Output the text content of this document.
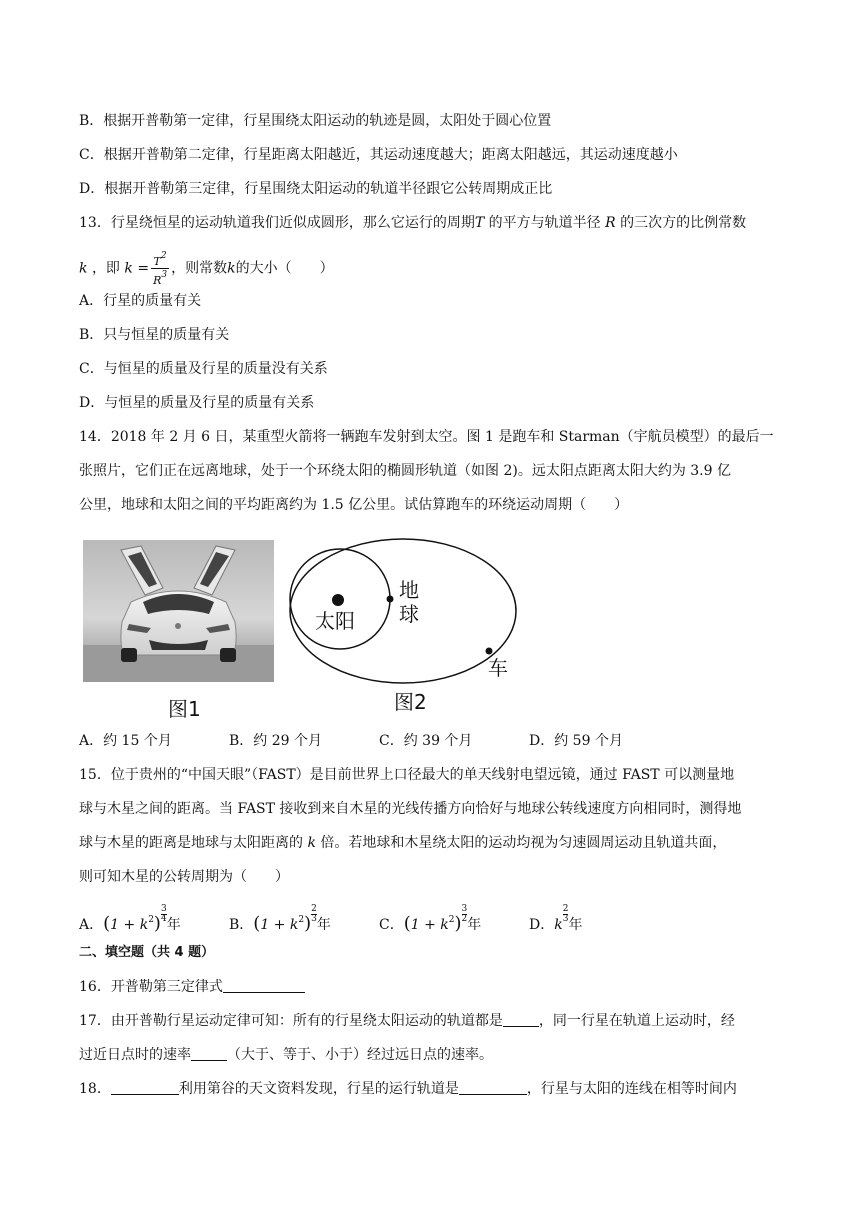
B．根据开普勒第一定律，行星围绕太阳运动的轨迹是圆，太阳处于圆心位置
C．根据开普勒第二定律，行星距离太阳越近，其运动速度越大；距离太阳越远，其运动速度越小
D．根据开普勒第三定律，行星围绕太阳运动的轨道半径跟它公转周期成正比
13．行星绕恒星的运动轨道我们近似成圆形，那么它运行的周期T 的平方与轨道半径 R 的三次方的比例常数
k ，即 $k = \frac{T^2}{R^3}$ ，则常数k的大小（　　）
A．行星的质量有关
B．只与恒星的质量有关
C．与恒星的质量及行星的质量没有关系
D．与恒星的质量及行星的质量有关系
14．2018 年 2 月 6 日，某重型火箭将一辆跑车发射到太空。图 1 是跑车和 Starman（宇航员模型）的最后一
张照片，它们正在远离地球，处于一个环绕太阳的椭圆形轨道（如图 2)。远太阳点距离太阳大约为 3.9 亿
公里，地球和太阳之间的平均距离约为 1.5 亿公里。试估算跑车的环绕运动周期（　　）
图1
太阳
地
球
车
图2
A．约 15 个月	B．约 29 个月	C．约 39 个月	D．约 59 个月
15．位于贵州的“中国天眼”（FAST）是目前世界上口径最大的单天线射电望远镜，通过 FAST 可以测量地
球与木星之间的距离。当 FAST 接收到来自木星的光线传播方向恰好与地球公转线速度方向相同时，测得地
球与木星的距离是地球与太阳距离的 k 倍。若地球和木星绕太阳的运动均视为匀速圆周运动且轨道共面，
则可知木星的公转周期为（　　）
A．$(1 + k^2) \frac{3}{4}$
年	B．$(1 + k^2) \frac{2}{3}$
年	C．$(1 + k^2) \frac{3}{2}$
年	D．k
$\frac{2}{3}$
年
二、填空题（共 4 题）
16．开普勒第三定律式
17．由开普勒行星运动定律可知：所有的行星绕太阳运动的轨道都是	，同一行星在轨道上运动时，经
过近日点时的速率	（大于、等于、小于）经过远日点的速率。
18．	利用第谷的天文资料发现，行星的运行轨道是	，行星与太阳的连线在相等时间内
